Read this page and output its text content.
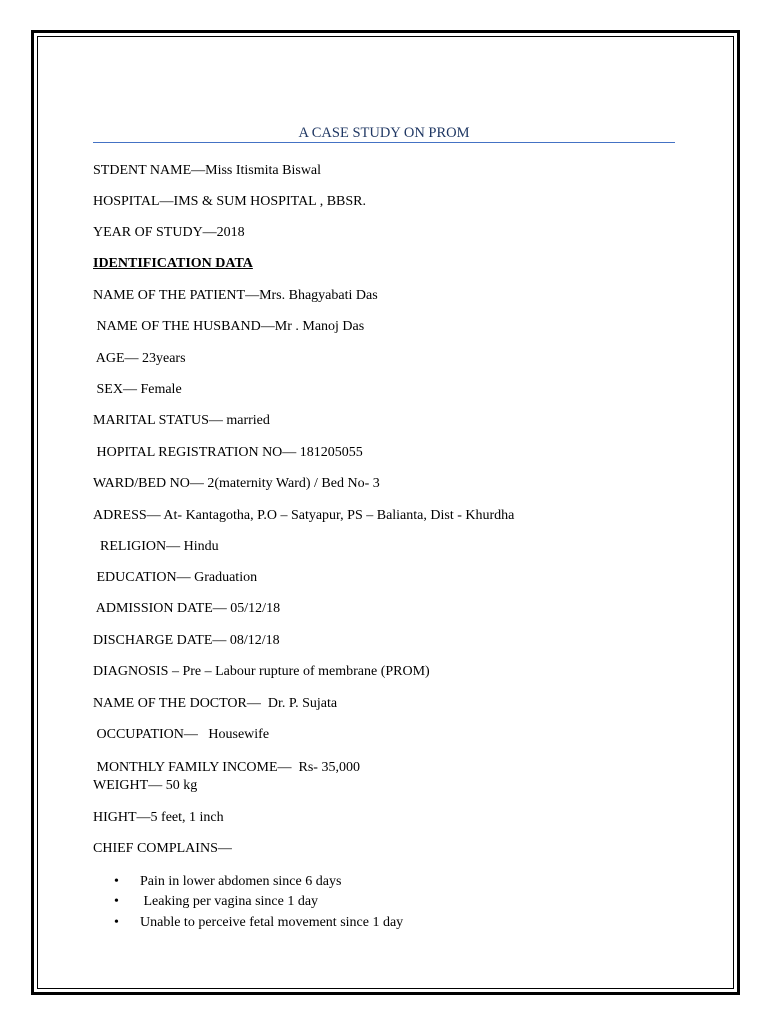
A CASE STUDY ON PROM
STDENT NAME—Miss Itismita Biswal
HOSPITAL—IMS & SUM HOSPITAL , BBSR.
YEAR OF STUDY—2018
IDENTIFICATION DATA
NAME OF THE PATIENT—Mrs. Bhagyabati Das
NAME OF THE HUSBAND—Mr . Manoj Das
AGE— 23years
SEX— Female
MARITAL STATUS— married
HOPITAL REGISTRATION NO— 181205055
WARD/BED NO— 2(maternity Ward) / Bed No- 3
ADRESS— At- Kantagotha, P.O – Satyapur, PS – Balianta, Dist - Khurdha
RELIGION— Hindu
EDUCATION— Graduation
ADMISSION DATE— 05/12/18
DISCHARGE DATE— 08/12/18
DIAGNOSIS – Pre – Labour rupture of membrane (PROM)
NAME OF THE DOCTOR—  Dr. P. Sujata
OCCUPATION—   Housewife
MONTHLY FAMILY INCOME—  Rs- 35,000
WEIGHT— 50 kg
HIGHT—5 feet, 1 inch
CHIEF COMPLAINS—

•

Pain in lower abdomen since 6 days

•

Leaking per vagina since 1 day

•

Unable to perceive fetal movement since 1 day
